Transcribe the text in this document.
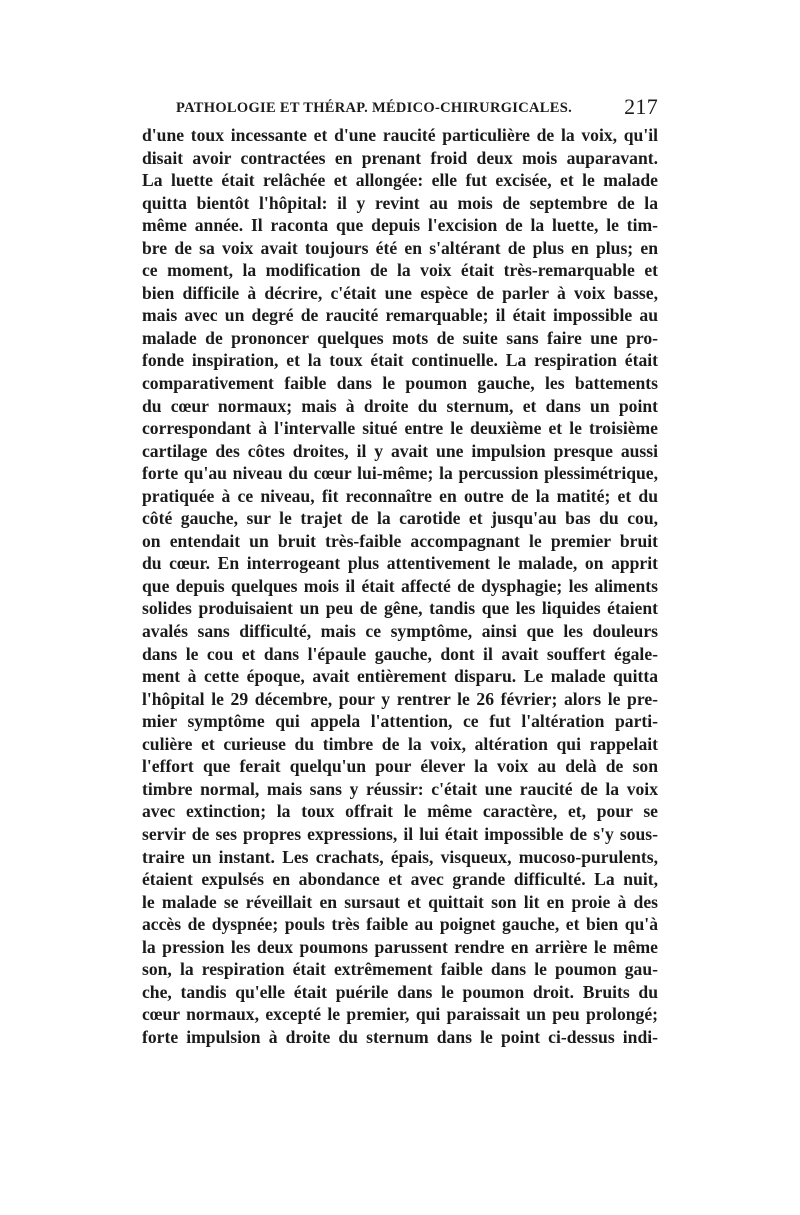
PATHOLOGIE ET THÉRAP. MÉDICO-CHIRURGICALES. 217
d'une toux incessante et d'une raucité particulière de la voix, qu'il
disait avoir contractées en prenant froid deux mois auparavant.
La luette était relâchée et allongée: elle fut excisée, et le malade
quitta bientôt l'hôpital: il y revint au mois de septembre de la
même année. Il raconta que depuis l'excision de la luette, le tim-
bre de sa voix avait toujours été en s'altérant de plus en plus; en
ce moment, la modification de la voix était très-remarquable et
bien difficile à décrire, c'était une espèce de parler à voix basse,
mais avec un degré de raucité remarquable; il était impossible au
malade de prononcer quelques mots de suite sans faire une pro-
fonde inspiration, et la toux était continuelle. La respiration était
comparativement faible dans le poumon gauche, les battements
du cœur normaux; mais à droite du sternum, et dans un point
correspondant à l'intervalle situé entre le deuxième et le troisième
cartilage des côtes droites, il y avait une impulsion presque aussi
forte qu'au niveau du cœur lui-même; la percussion plessimétrique,
pratiquée à ce niveau, fit reconnaître en outre de la matité; et du
côté gauche, sur le trajet de la carotide et jusqu'au bas du cou,
on entendait un bruit très-faible accompagnant le premier bruit
du cœur. En interrogeant plus attentivement le malade, on apprit
que depuis quelques mois il était affecté de dysphagie; les aliments
solides produisaient un peu de gêne, tandis que les liquides étaient
avalés sans difficulté, mais ce symptôme, ainsi que les douleurs
dans le cou et dans l'épaule gauche, dont il avait souffert égale-
ment à cette époque, avait entièrement disparu. Le malade quitta
l'hôpital le 29 décembre, pour y rentrer le 26 février; alors le pre-
mier symptôme qui appela l'attention, ce fut l'altération parti-
culière et curieuse du timbre de la voix, altération qui rappelait
l'effort que ferait quelqu'un pour élever la voix au delà de son
timbre normal, mais sans y réussir: c'était une raucité de la voix
avec extinction; la toux offrait le même caractère, et, pour se
servir de ses propres expressions, il lui était impossible de s'y sous-
traire un instant. Les crachats, épais, visqueux, mucoso-purulents,
étaient expulsés en abondance et avec grande difficulté. La nuit,
le malade se réveillait en sursaut et quittait son lit en proie à des
accès de dyspnée; pouls très faible au poignet gauche, et bien qu'à
la pression les deux poumons parussent rendre en arrière le même
son, la respiration était extrêmement faible dans le poumon gau-
che, tandis qu'elle était puérile dans le poumon droit. Bruits du
cœur normaux, excepté le premier, qui paraissait un peu prolongé;
forte impulsion à droite du sternum dans le point ci-dessus indi-
